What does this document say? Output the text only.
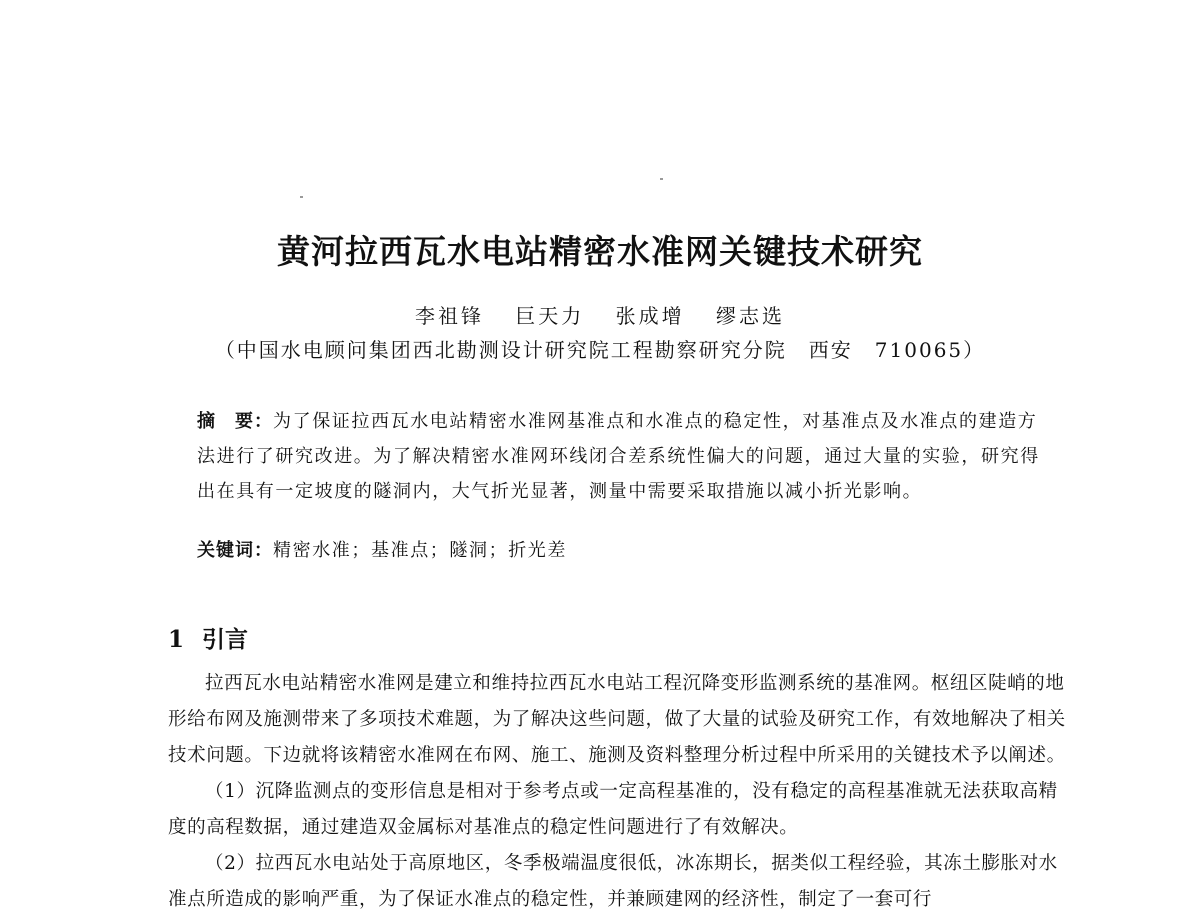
黄河拉西瓦水电站精密水准网关键技术研究
李祖锋 巨天力 张成增 缪志选
（中国水电顾问集团西北勘测设计研究院工程勘察研究分院　西安　710065）
摘　要：为了保证拉西瓦水电站精密水准网基准点和水准点的稳定性，对基准点及水准点的建造方法进行了研究改进。为了解决精密水准网环线闭合差系统性偏大的问题，通过大量的实验，研究得出在具有一定坡度的隧洞内，大气折光显著，测量中需要采取措施以减小折光影响。
关键词：精密水准；基准点；隧洞；折光差
1 引言

拉西瓦水电站精密水准网是建立和维持拉西瓦水电站工程沉降变形监测系统的基准网。枢纽区陡峭的地形给布网及施测带来了多项技术难题，为了解决这些问题，做了大量的试验及研究工作，有效地解决了相关技术问题。下边就将该精密水准网在布网、施工、施测及资料整理分析过程中所采用的关键技术予以阐述。

（1）沉降监测点的变形信息是相对于参考点或一定高程基准的，没有稳定的高程基准就无法获取高精度的高程数据，通过建造双金属标对基准点的稳定性问题进行了有效解决。

（2）拉西瓦水电站处于高原地区，冬季极端温度很低，冰冻期长，据类似工程经验，其冻土膨胀对水准点所造成的影响严重，为了保证水准点的稳定性，并兼顾建网的经济性，制定了一套可行
